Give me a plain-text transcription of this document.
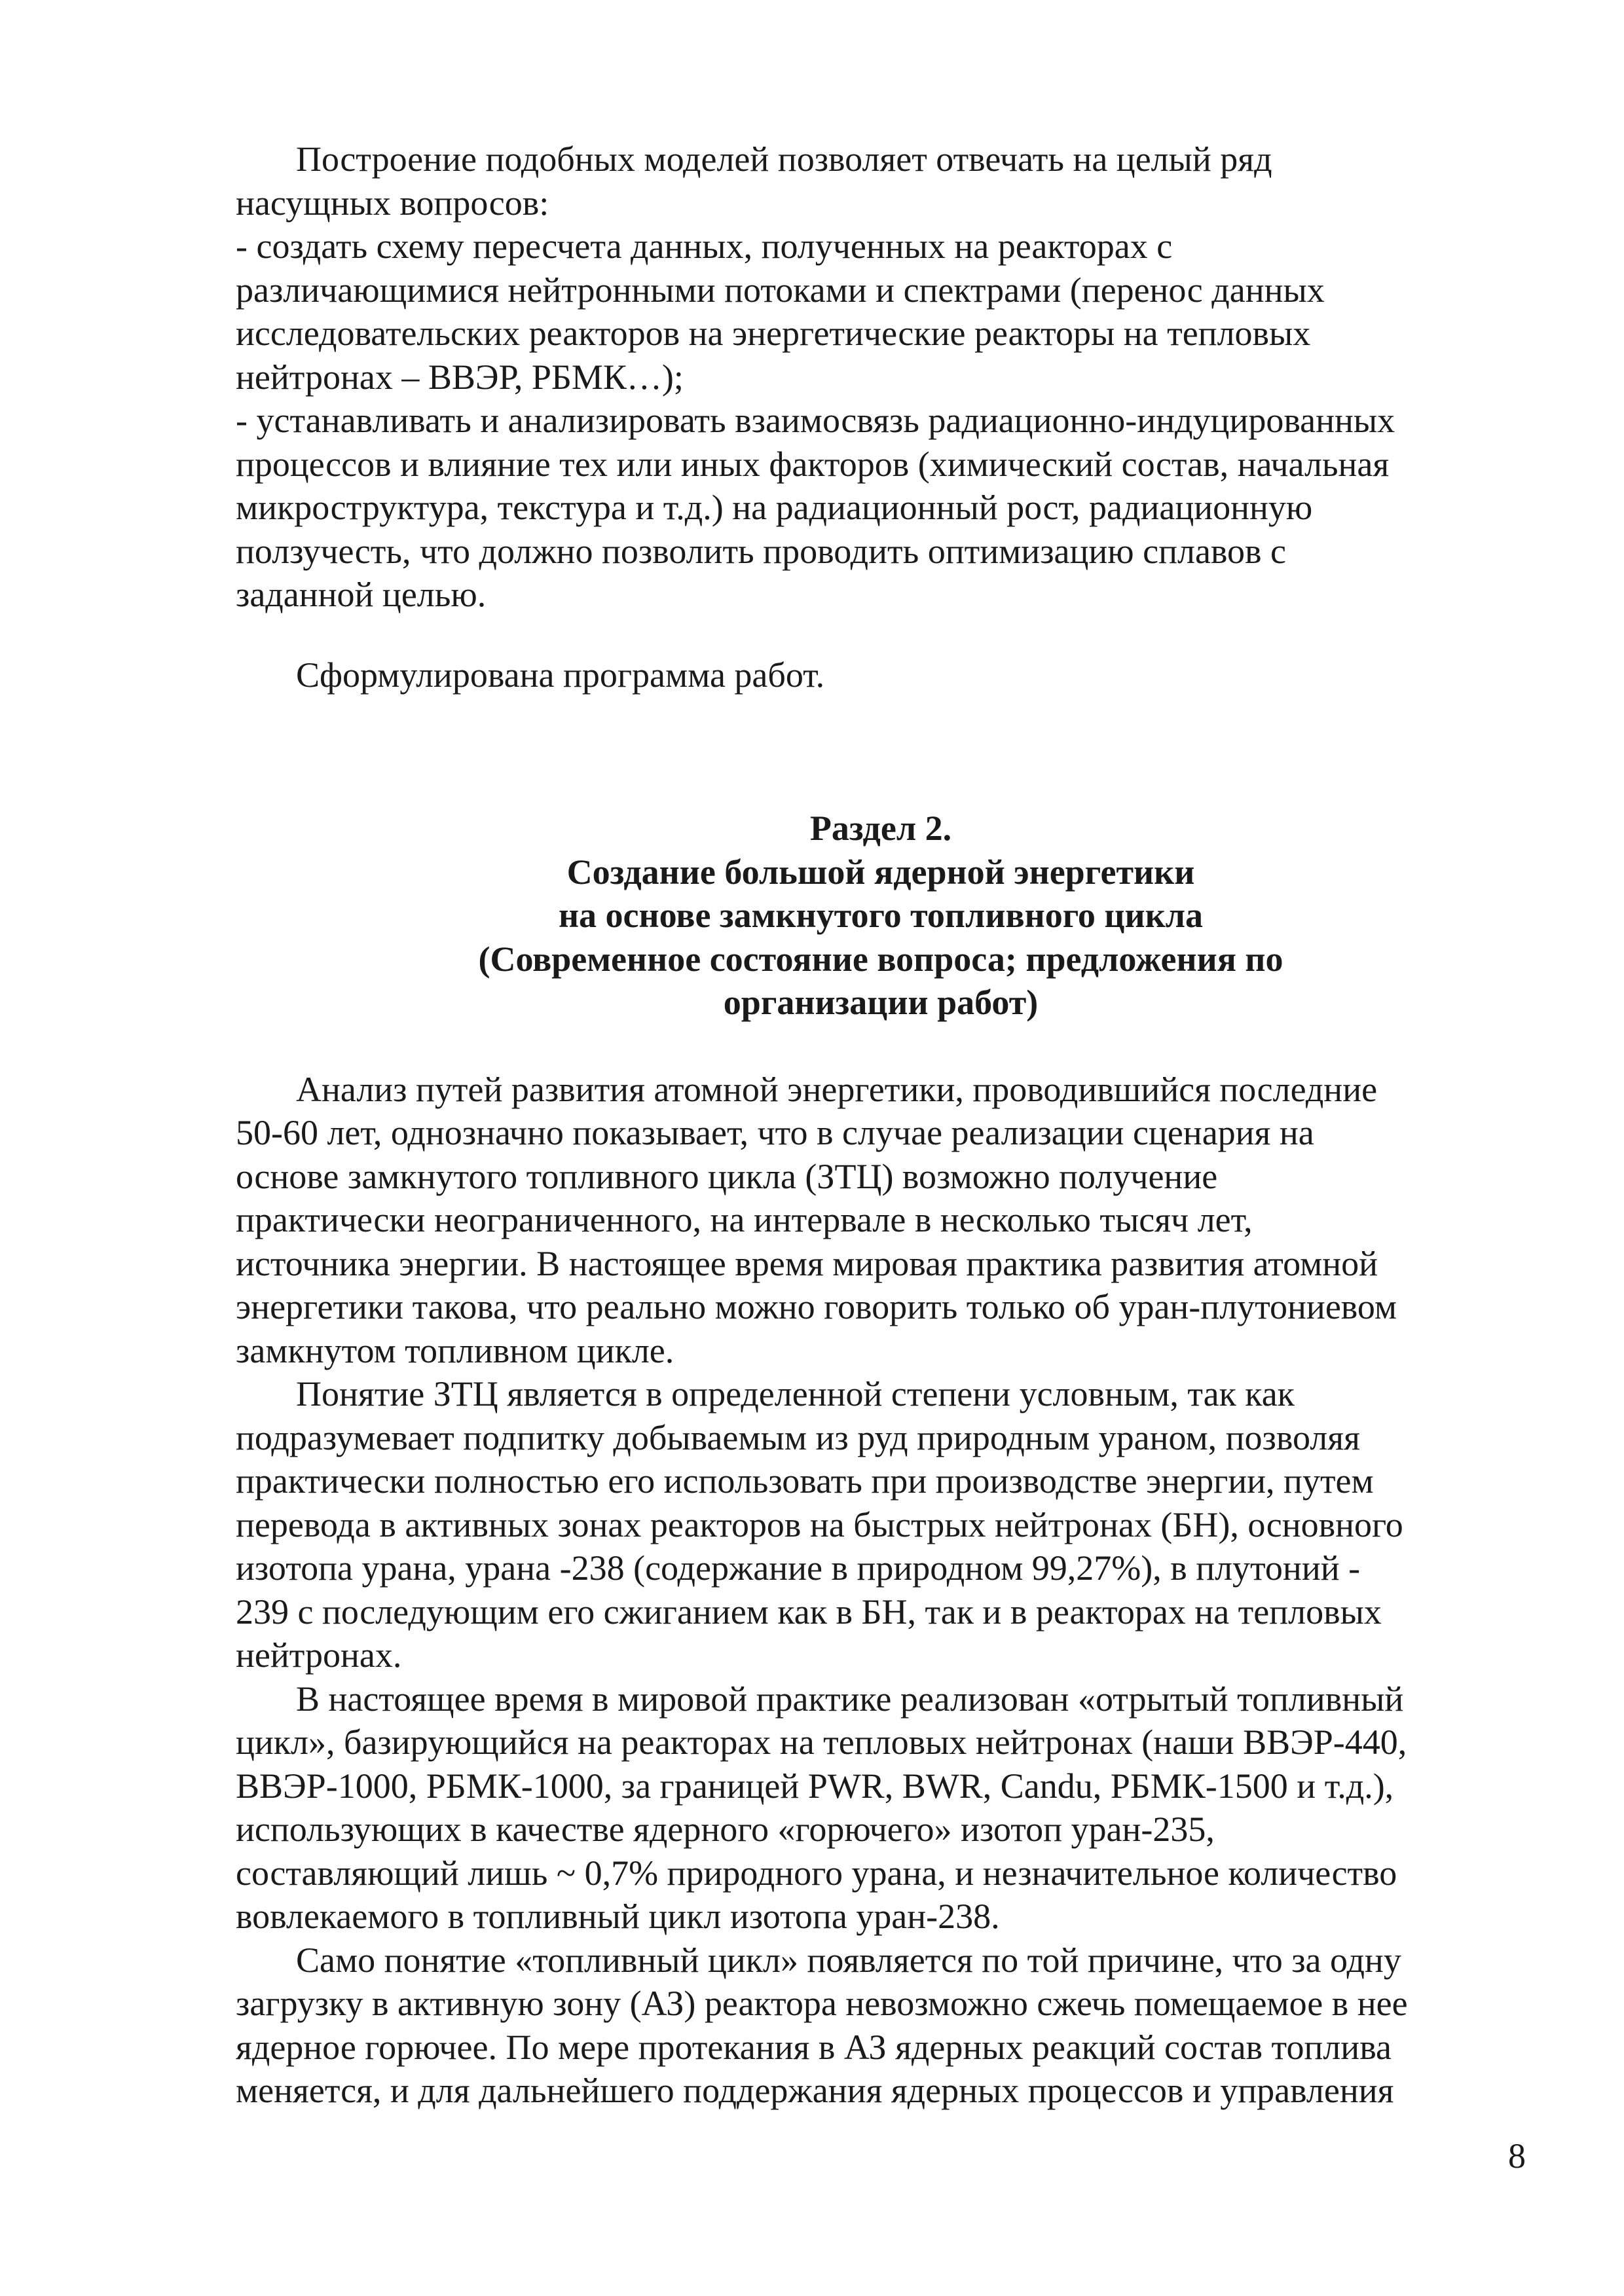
Построение подобных моделей позволяет отвечать на целый ряд
насущных вопросов:
- создать схему пересчета данных, полученных на реакторах с
различающимися нейтронными потоками и спектрами (перенос данных
исследовательских реакторов на энергетические реакторы на тепловых
нейтронах – ВВЭР, РБМК…);
- устанавливать и анализировать взаимосвязь радиационно-индуцированных
процессов и влияние тех или иных факторов (химический состав, начальная
микроструктура, текстура и т.д.) на радиационный рост, радиационную
ползучесть, что должно позволить проводить оптимизацию сплавов с
заданной целью.

Сформулирована программа работ.

Раздел 2.
Создание большой ядерной энергетики
на основе замкнутого топливного цикла
(Современное состояние вопроса; предложения по
организации работ)

Анализ путей развития атомной энергетики, проводившийся последние
50-60 лет, однозначно показывает, что в случае реализации сценария на
основе замкнутого топливного цикла (ЗТЦ) возможно получение
практически неограниченного, на интервале в несколько тысяч лет,
источника энергии. В настоящее время мировая практика развития атомной
энергетики такова, что реально можно говорить только об уран-плутониевом
замкнутом топливном цикле.

Понятие ЗТЦ является в определенной степени условным, так как
подразумевает подпитку добываемым из руд природным ураном, позволяя
практически полностью его использовать при производстве энергии, путем
перевода в активных зонах реакторов на быстрых нейтронах (БН), основного
изотопа урана, урана -238 (содержание в природном 99,27%), в плутоний -
239 с последующим его сжиганием как в БН, так и в реакторах на тепловых
нейтронах.

В настоящее время в мировой практике реализован «отрытый топливный
цикл», базирующийся на реакторах на тепловых нейтронах (наши ВВЭР-440,
ВВЭР-1000, РБМК-1000, за границей PWR, BWR, Candu, РБМК-1500 и т.д.),
использующих в качестве ядерного «горючего» изотоп уран-235,
составляющий лишь ~ 0,7% природного урана, и незначительное количество
вовлекаемого в топливный цикл изотопа уран-238.

Само понятие «топливный цикл» появляется по той причине, что за одну
загрузку в активную зону (АЗ) реактора невозможно сжечь помещаемое в нее
ядерное горючее. По мере протекания в АЗ ядерных реакций состав топлива
меняется, и для дальнейшего поддержания ядерных процессов и управления

8
